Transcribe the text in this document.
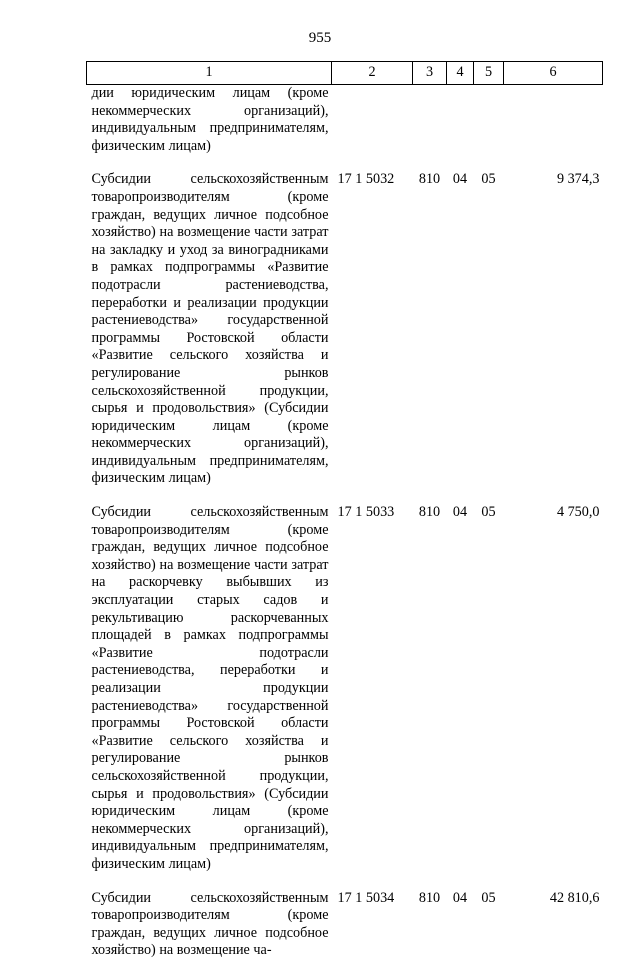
955
1	2	3	4	5	6
дии юридическим лицам (кроме некоммерческих организаций), индивидуальным предпринимателям, физическим лицам)					
Субсидии сельскохозяйственным товаропроизводителям (кроме граждан, ведущих личное подсобное хозяйство) на возмещение части затрат на закладку и уход за виноградниками в рамках подпрограммы «Развитие подотрасли растениеводства, переработки и реализации продукции растениеводства» государственной программы Ростовской области «Развитие сельского хозяйства и регулирование рынков сельскохозяйственной продукции, сырья и продовольствия» (Субсидии юридическим лицам (кроме некоммерческих организаций), индивидуальным предпринимателям, физическим лицам)	17 1 5032	810	04	05	9 374,3
Субсидии сельскохозяйственным товаропроизводителям (кроме граждан, ведущих личное подсобное хозяйство) на возмещение части затрат на раскорчевку выбывших из эксплуатации старых садов и рекультивацию раскорчеванных площадей в рамках подпрограммы «Развитие подотрасли растениеводства, переработки и реализации продукции растениеводства» государственной программы Ростовской области «Развитие сельского хозяйства и регулирование рынков сельскохозяйственной продукции, сырья и продовольствия» (Субсидии юридическим лицам (кроме некоммерческих организаций), индивидуальным предпринимателям, физическим лицам)	17 1 5033	810	04	05	4 750,0
Субсидии сельскохозяйственным товаропроизводителям (кроме граждан, ведущих личное подсобное хозяйство) на возмещение ча-	17 1 5034	810	04	05	42 810,6
